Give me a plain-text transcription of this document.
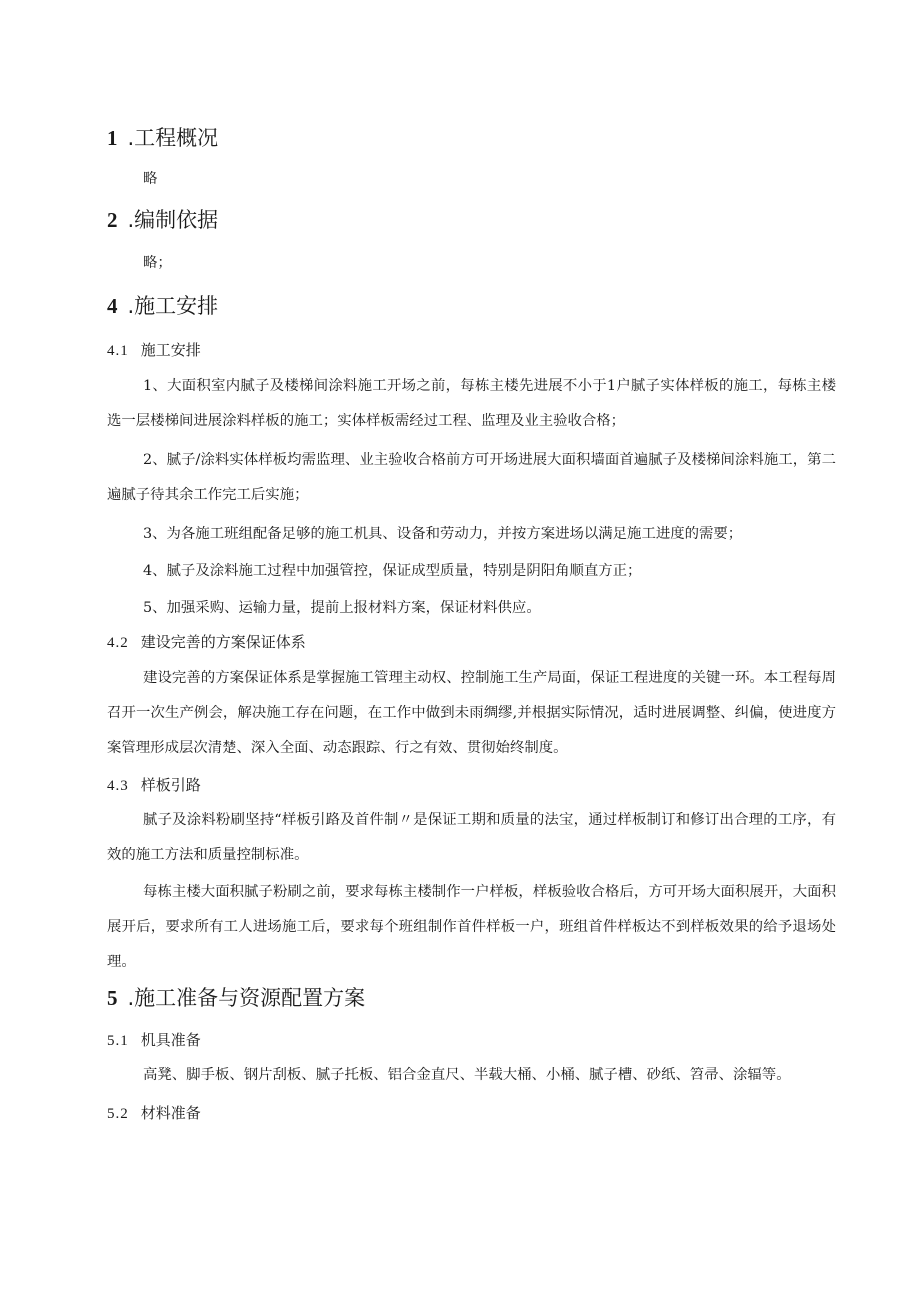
1 .工程概况

略

2 .编制依据

略；

4 .施工安排
4.1 施工安排

1、大面积室内腻子及楼梯间涂料施工开场之前，每栋主楼先进展不小于1户腻子实体样板的施工，每栋主楼选一层楼梯间进展涂料样板的施工；实体样板需经过工程、监理及业主验收合格；

2、腻子/涂料实体样板均需监理、业主验收合格前方可开场进展大面积墙面首遍腻子及楼梯间涂料施工，第二遍腻子待其余工作完工后实施；

3、为各施工班组配备足够的施工机具、设备和劳动力，并按方案进场以满足施工进度的需要；

4、腻子及涂料施工过程中加强管控，保证成型质量，特别是阴阳角顺直方正；

5、加强采购、运输力量，提前上报材料方案，保证材料供应。

4.2 建设完善的方案保证体系

建设完善的方案保证体系是掌握施工管理主动权、控制施工生产局面，保证工程进度的关键一环。本工程每周召开一次生产例会，解决施工存在问题，在工作中做到未雨绸缪,并根据实际情况，适时进展调整、纠偏，使进度方案管理形成层次清楚、深入全面、动态跟踪、行之有效、贯彻始终制度。

4.3 样板引路

腻子及涂料粉刷坚持“样板引路及首件制〃是保证工期和质量的法宝，通过样板制订和修订出合理的工序，有效的施工方法和质量控制标准。

每栋主楼大面积腻子粉刷之前，要求每栋主楼制作一户样板，样板验收合格后，方可开场大面积展开，大面积展开后，要求所有工人进场施工后，要求每个班组制作首件样板一户，班组首件样板达不到样板效果的给予退场处理。

5 .施工准备与资源配置方案
5.1 机具准备

高凳、脚手板、钢片刮板、腻子托板、铝合金直尺、半载大桶、小桶、腻子槽、砂纸、笤帚、涂辐等。

5.2 材料准备
